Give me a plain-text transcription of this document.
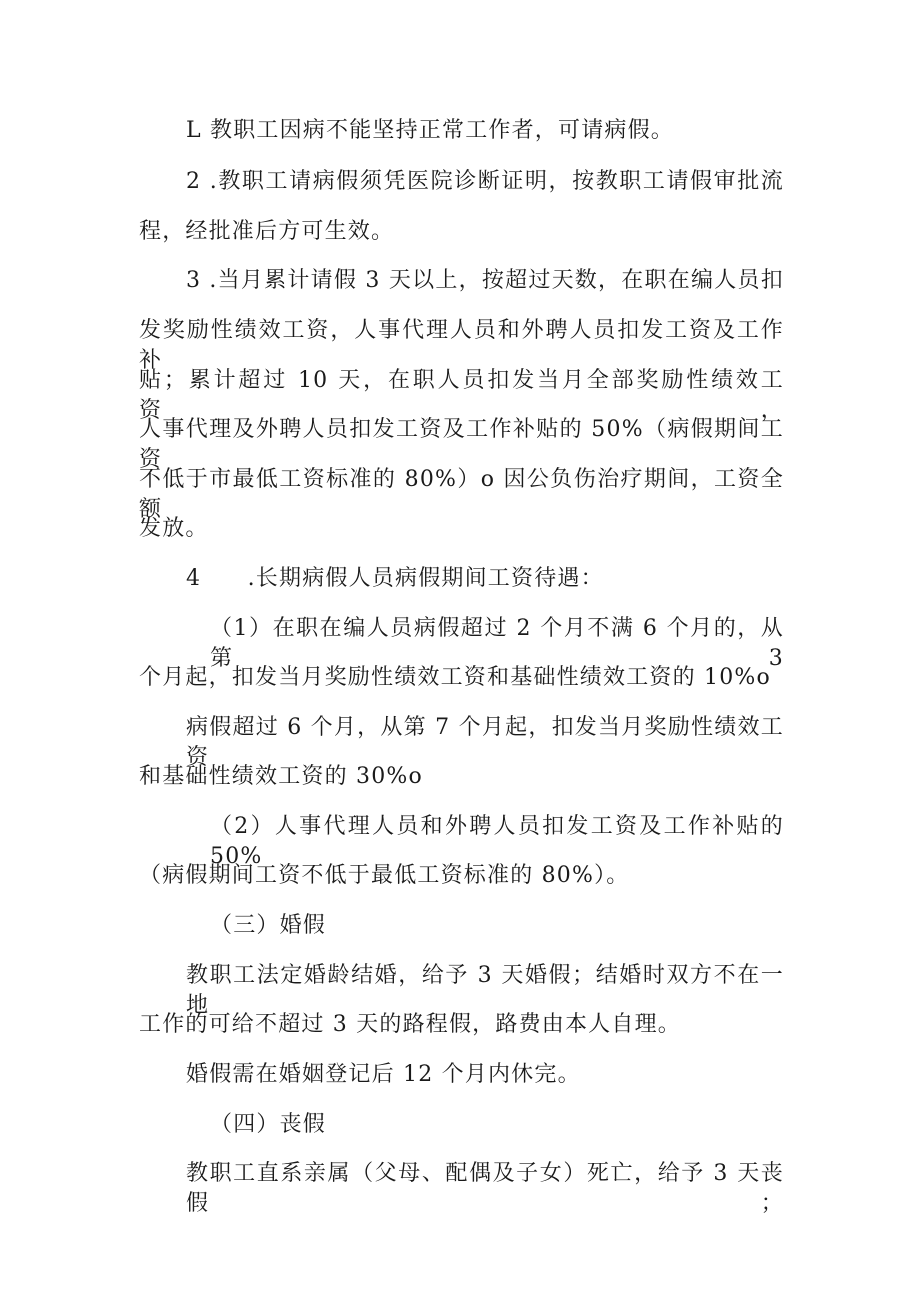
L 教职工因病不能坚持正常工作者，可请病假。
2 .教职工请病假须凭医院诊断证明，按教职工请假审批流
程，经批准后方可生效。
3 .当月累计请假 3 天以上，按超过天数，在职在编人员扣
发奖励性绩效工资，人事代理人员和外聘人员扣发工资及工作补
贴；累计超过 10 天，在职人员扣发当月全部奖励性绩效工资，
人事代理及外聘人员扣发工资及工作补贴的 50%（病假期间工资
不低于市最低工资标准的 80%）o 因公负伤治疗期间，工资全额
发放。
4　　.长期病假人员病假期间工资待遇：
（1）在职在编人员病假超过 2 个月不满 6 个月的，从第 3
个月起，扣发当月奖励性绩效工资和基础性绩效工资的 10%o
病假超过 6 个月，从第 7 个月起，扣发当月奖励性绩效工资
和基础性绩效工资的 30%o
（2）人事代理人员和外聘人员扣发工资及工作补贴的 50%
（病假期间工资不低于最低工资标准的 80%）。
（三）婚假
教职工法定婚龄结婚，给予 3 天婚假；结婚时双方不在一地
工作的可给不超过 3 天的路程假，路费由本人自理。
婚假需在婚姻登记后 12 个月内休完。
（四）丧假
教职工直系亲属（父母、配偶及子女）死亡，给予 3 天丧假；
